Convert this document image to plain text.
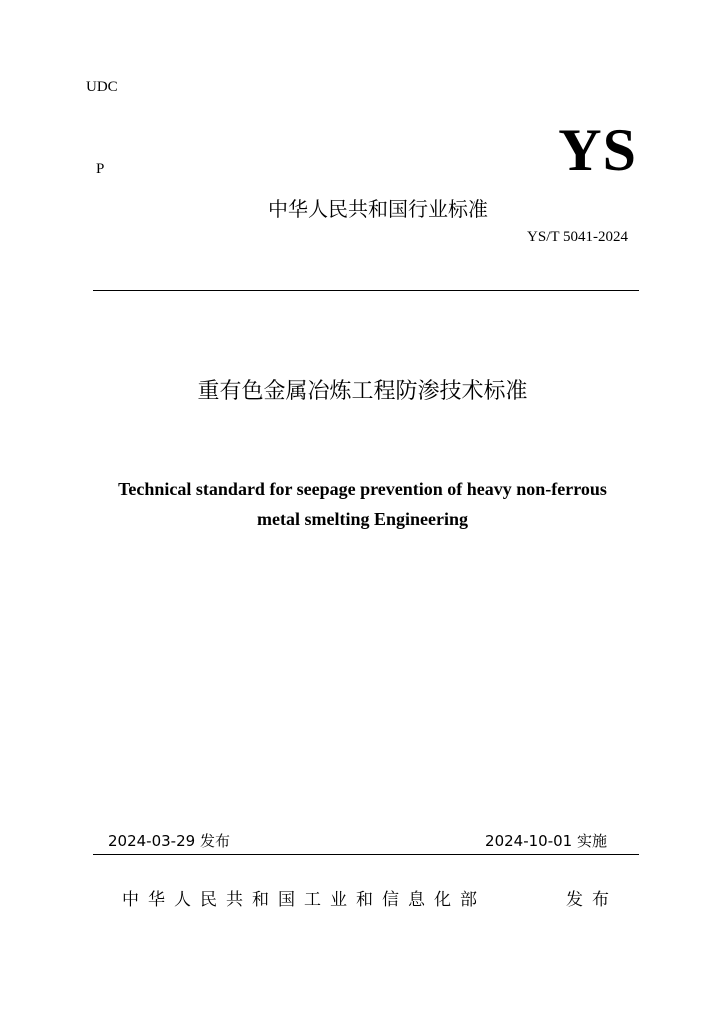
UDC
P	YS
中华人民共和国行业标准
YS/T 5041-2024
重有色金属冶炼工程防渗技术标准
Technical standard for seepage prevention of heavy non-ferrous
metal smelting Engineering
2024-03-29 发布	2024-10-01 实施
中华人民共和国工业和信息化部	发布
